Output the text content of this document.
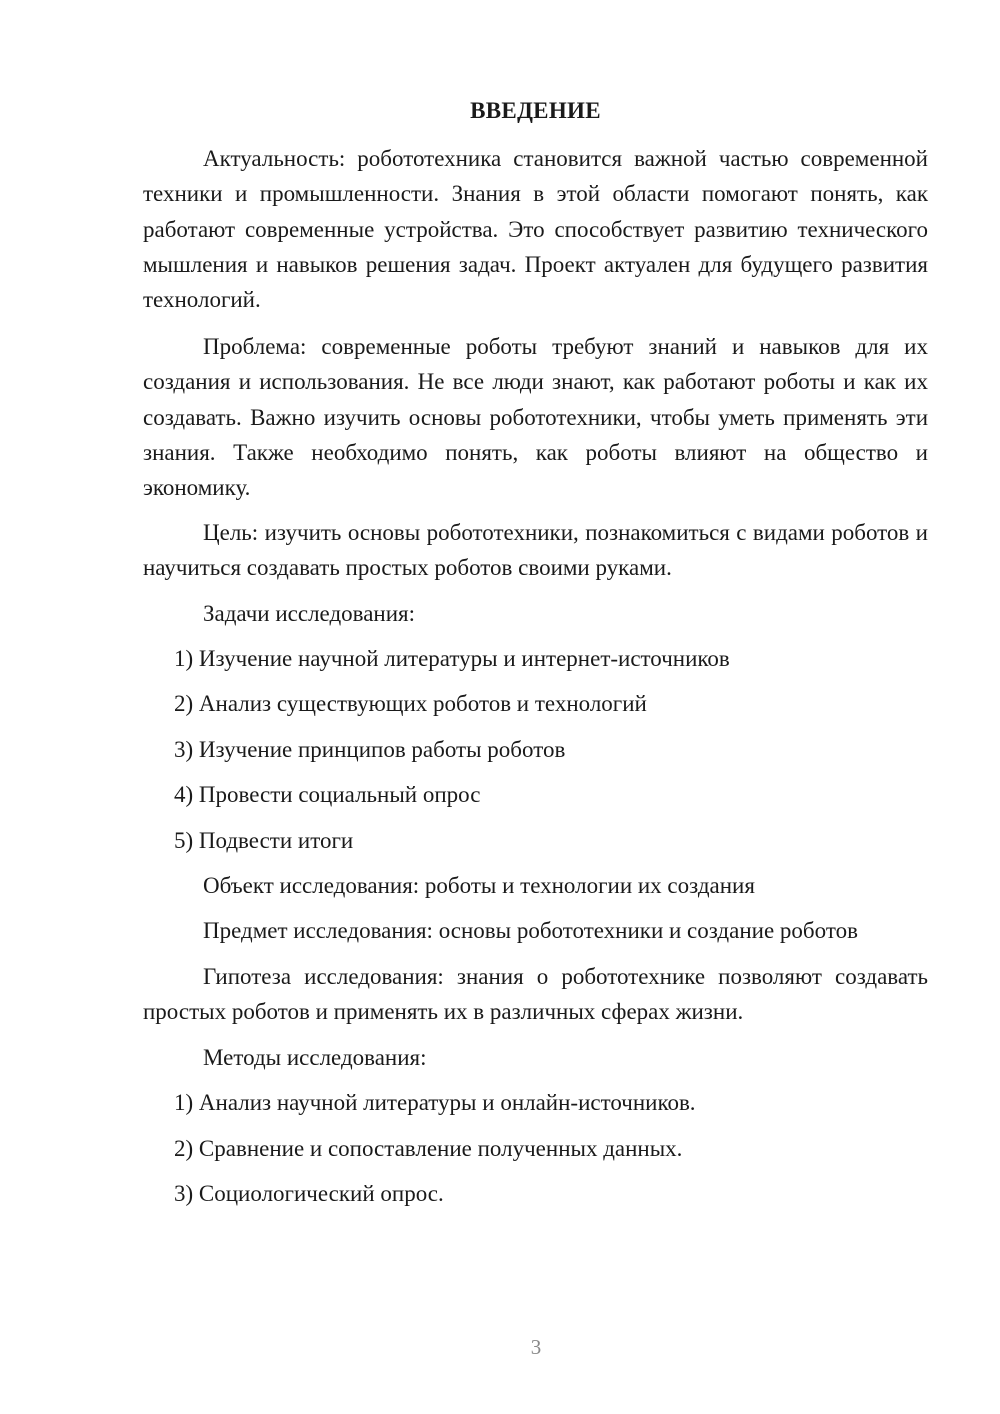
ВВЕДЕНИЕ

Актуальность: робототехника становится важной частью современной техники и промышленности. Знания в этой области помогают понять, как работают современные устройства. Это способствует развитию технического мышления и навыков решения задач. Проект актуален для будущего развития технологий.

Проблема: современные роботы требуют знаний и навыков для их создания и использования. Не все люди знают, как работают роботы и как их создавать. Важно изучить основы робототехники, чтобы уметь применять эти знания. Также необходимо понять, как роботы влияют на общество и экономику.

Цель: изучить основы робототехники, познакомиться с видами роботов и научиться создавать простых роботов своими руками.

Задачи исследования:
1) Изучение научной литературы и интернет-источников
2) Анализ существующих роботов и технологий
3) Изучение принципов работы роботов
4) Провести социальный опрос
5) Подвести итоги
Объект исследования: роботы и технологии их создания
Предмет исследования: основы робототехники и создание роботов

Гипотеза исследования: знания о робототехнике позволяют создавать простых роботов и применять их в различных сферах жизни.

Методы исследования:
1) Анализ научной литературы и онлайн-источников.
2) Сравнение и сопоставление полученных данных.
3) Социологический опрос.
3
